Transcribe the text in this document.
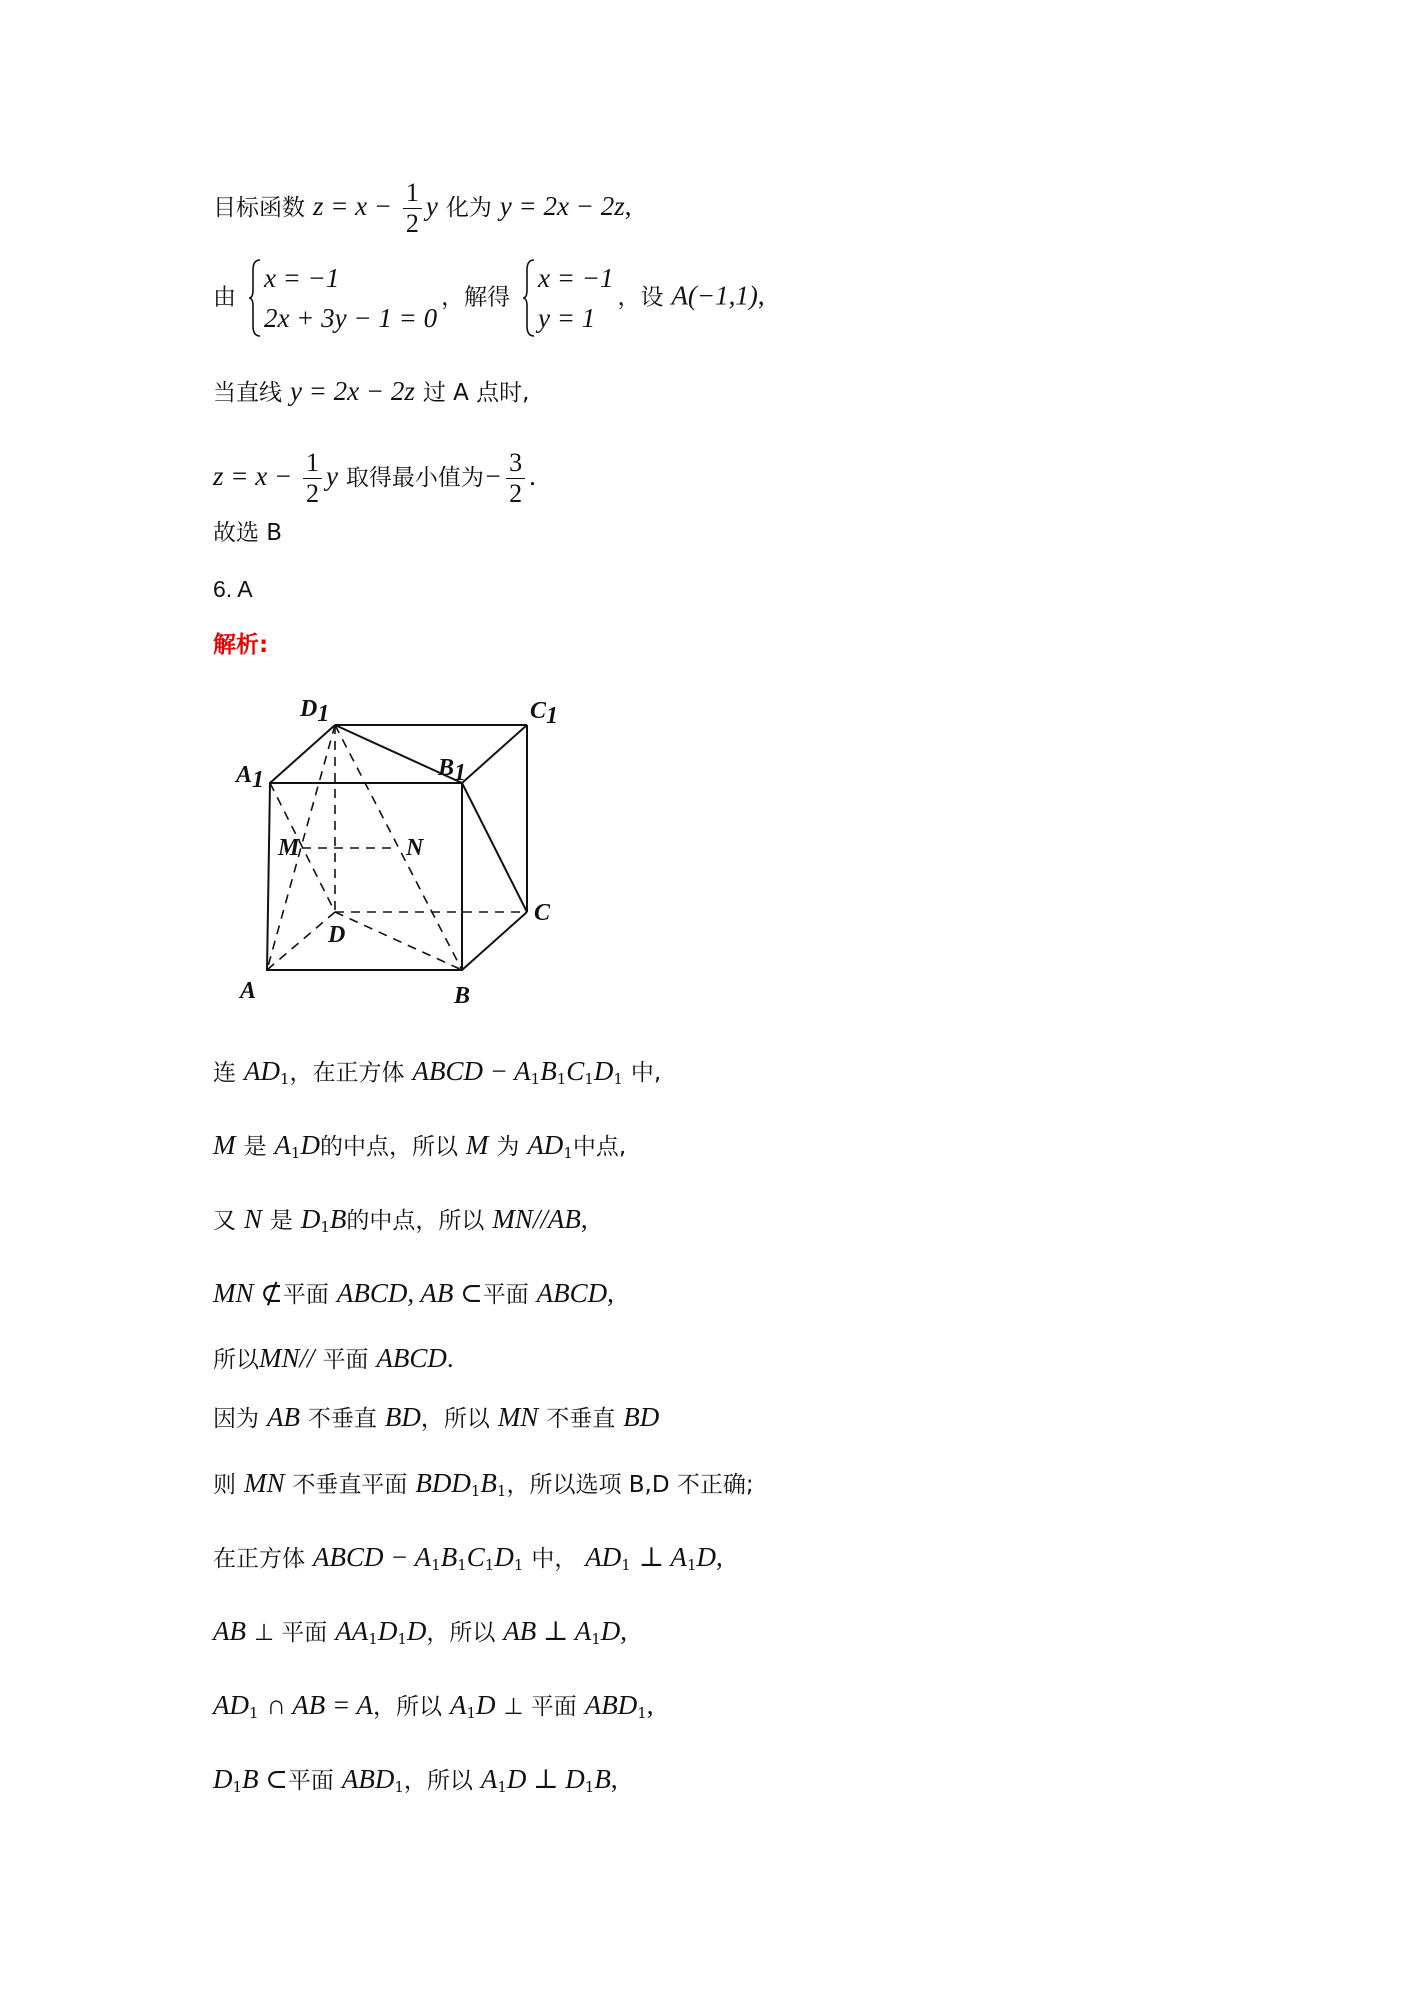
目标函数 $z = x - \frac{1}{2}$ y 化为 y = 2x − 2z,
由
x = −1
2x + 3y − 1 = 0
，解得
x = −1
y = 1
，设 A(−1,1),
当直线 y = 2x − 2z 过 A 点时,
$z = x - \frac{1}{2}$ y 取得最小值为− $\frac{3}{2}$ .
故选 B
6. A
解析:
D1	C1
A1	B1
M	N
D
C
A	B
连 $AD_1$，在正方体 ABCD − $A_1B_1C_1D_1$ 中,
M 是 $A_1D$的中点，所以 M 为 $AD_1$中点,
又 N 是 $D_1B$的中点，所以 MN//AB,
MN ⊄平面 ABCD, AB ⊂平面 ABCD,
所以MN// 平面 ABCD.
因为 AB 不垂直 BD，所以 MN 不垂直 BD
则 MN 不垂直平面 $BDD_1B_1$，所以选项 B,D 不正确;
在正方体 ABCD − $A_1B_1C_1D_1$ 中， $AD_1$ ⊥ $A_1D$,
AB ⊥ 平面 $AA_1D_1D$，所以 AB ⊥ $A_1D$,
$AD_1$ ∩ AB = A，所以 $A_1D$ ⊥ 平面 $ABD_1$,
$D_1B$ ⊂平面 $ABD_1$，所以 $A_1D$ ⊥ $D_1B$,
